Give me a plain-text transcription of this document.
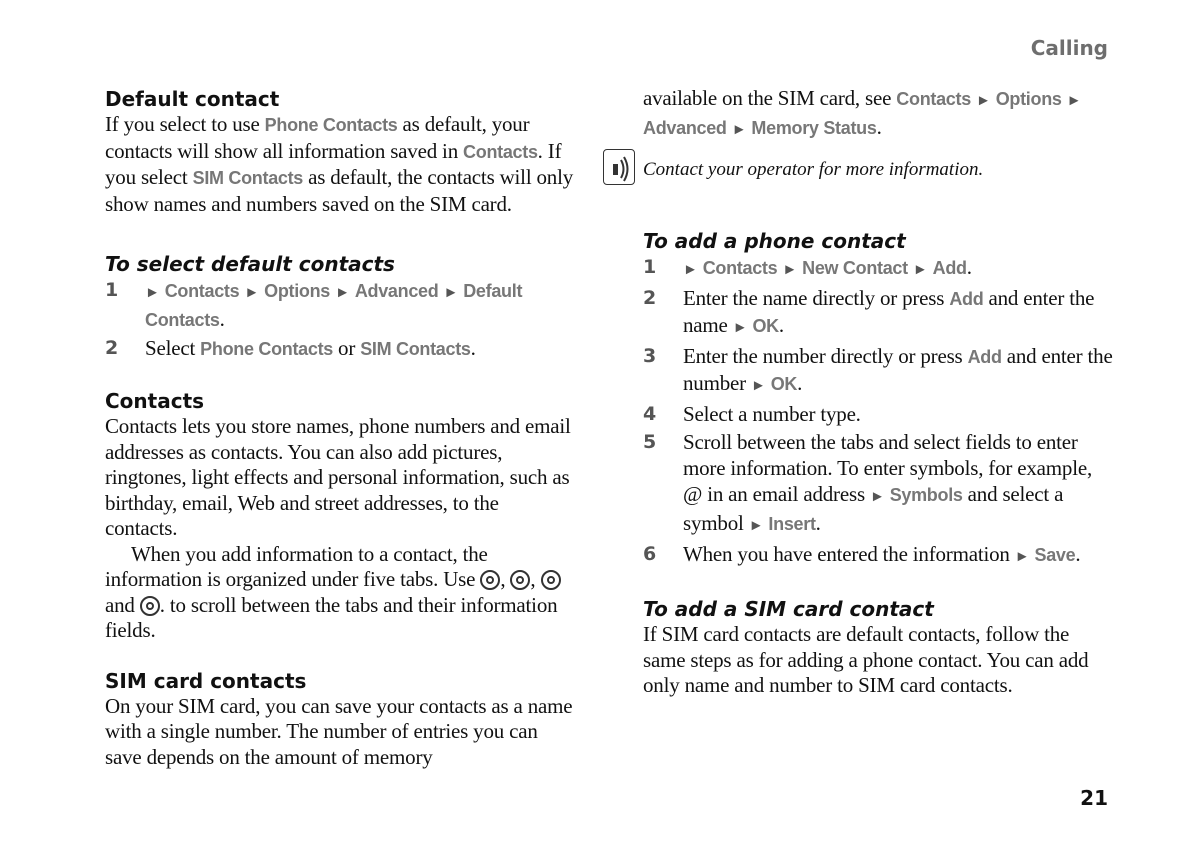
Calling
Default contact

If you select to use Phone Contacts as default, your contacts will show all information saved in Contacts. If you select SIM Contacts as default, the contacts will only show names and numbers saved on the SIM card.

To select default contacts
1 ► Contacts ► Options ► Advanced ► Default Contacts.
2 Select Phone Contacts or SIM Contacts.
Contacts

Contacts lets you store names, phone numbers and email addresses as contacts. You can also add pictures, ringtones, light effects and personal information, such as birthday, email, Web and street addresses, to the contacts.

When you add information to a contact, the information is organized under five tabs. Use , ,  and . to scroll between the tabs and their information fields.

SIM card contacts

On your SIM card, you can save your contacts as a name with a single number. The number of entries you can save depends on the amount of memory

available on the SIM card, see Contacts ► Options ► Advanced ► Memory Status.

Contact your operator for more information.
To add a phone contact
1 ► Contacts ► New Contact ► Add.
2 Enter the name directly or press Add and enter the name ► OK.
3 Enter the number directly or press Add and enter the number ► OK.
4 Select a number type.
5 Scroll between the tabs and select fields to enter more information. To enter symbols, for example, @ in an email address ► Symbols and select a symbol ► Insert.
6 When you have entered the information ► Save.
To add a SIM card contact

If SIM card contacts are default contacts, follow the same steps as for adding a phone contact. You can add only name and number to SIM card contacts.

21
